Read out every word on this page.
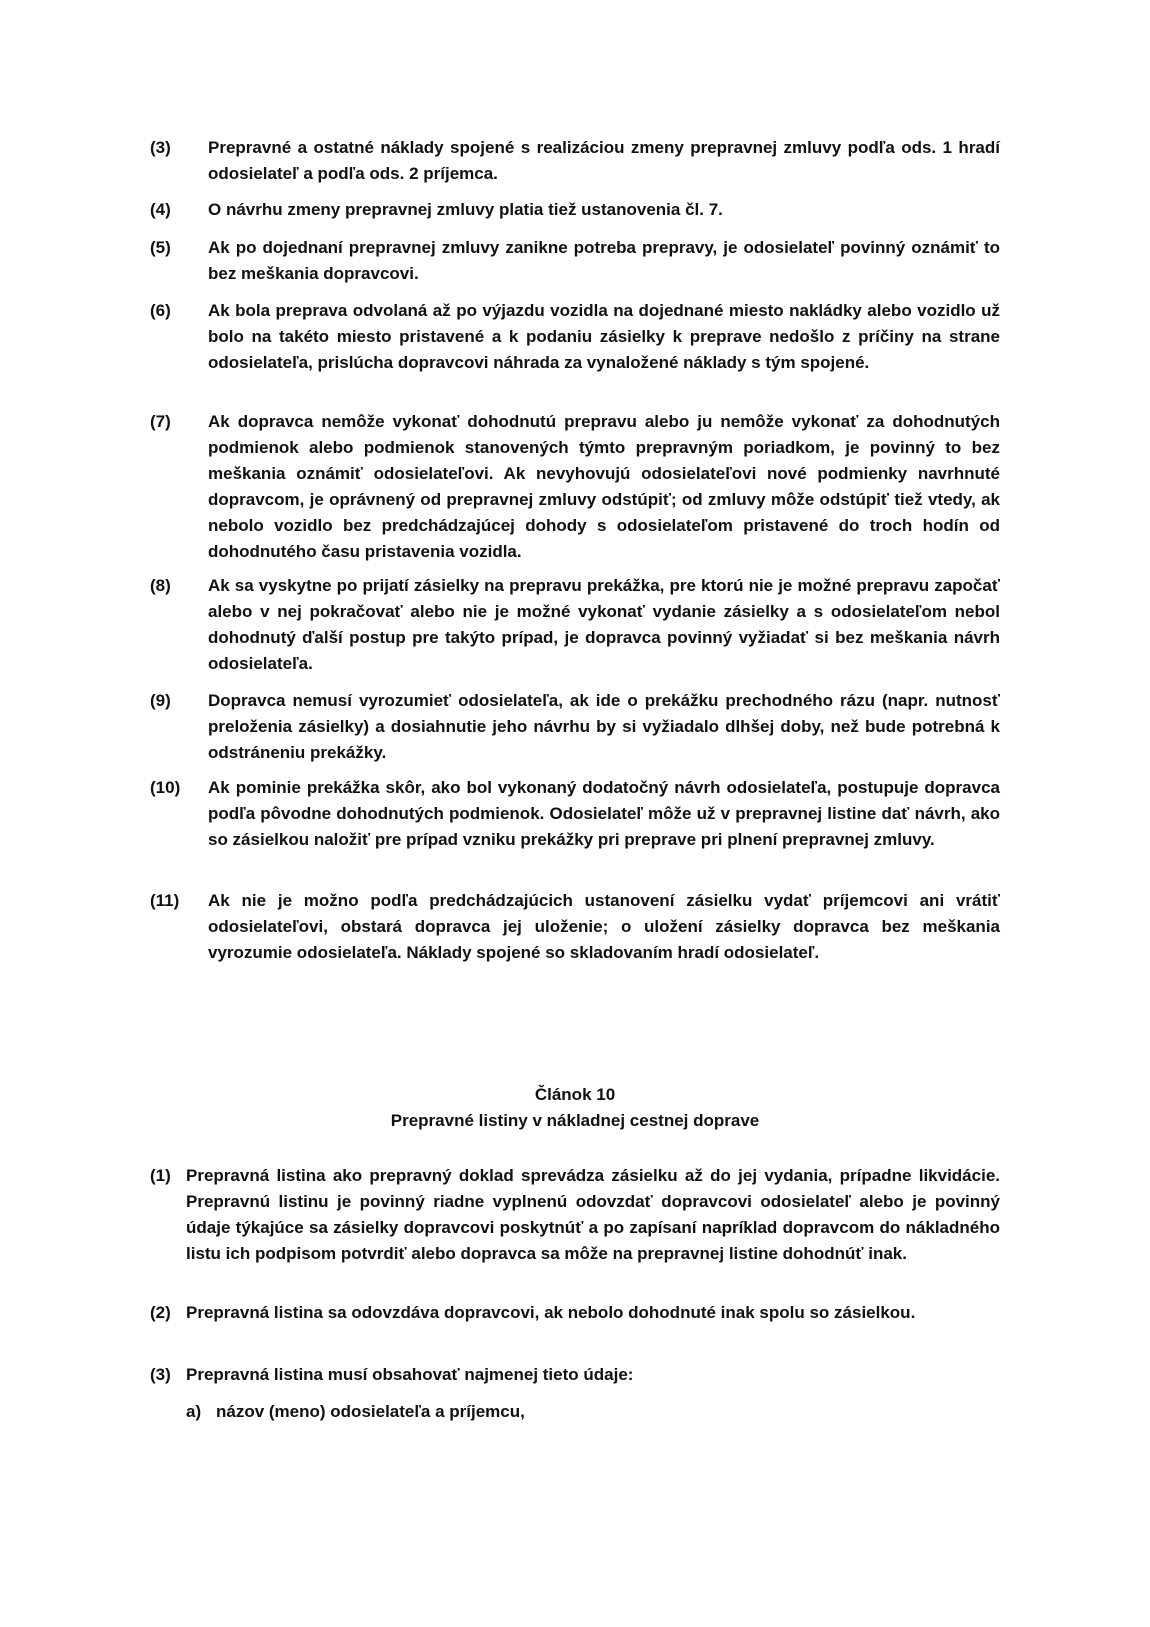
(3)	Prepravné a ostatné náklady spojené s realizáciou zmeny prepravnej zmluvy podľa ods. 1 hradí odosielateľ a podľa ods. 2 príjemca.
(4)	O návrhu zmeny prepravnej zmluvy platia tiež ustanovenia čl. 7.
(5)	Ak po dojednaní prepravnej zmluvy zanikne potreba prepravy, je odosielateľ povinný oznámiť to bez meškania dopravcovi.
(6)	Ak bola preprava odvolaná až po výjazdu vozidla na dojednané miesto nakládky alebo vozidlo už bolo na takéto miesto pristavené a k podaniu zásielky k preprave nedošlo z príčiny na strane odosielateľa, prislúcha dopravcovi náhrada za vynaložené náklady s tým spojené.
(7)	Ak dopravca nemôže vykonať dohodnutú prepravu alebo ju nemôže vykonať za dohodnutých podmienok alebo podmienok stanovených týmto prepravným poriadkom, je povinný to bez meškania oznámiť odosielateľovi. Ak nevyhovujú odosielateľovi nové podmienky navrhnuté dopravcom, je oprávnený od prepravnej zmluvy odstúpiť; od zmluvy môže odstúpiť tiež vtedy, ak nebolo vozidlo bez predchádzajúcej dohody s odosielateľom pristavené do troch hodín od dohodnutého času pristavenia vozidla.
(8)	Ak sa vyskytne po prijatí zásielky na prepravu prekážka, pre ktorú nie je možné prepravu započať alebo v nej pokračovať alebo nie je možné vykonať vydanie zásielky a s odosielateľom nebol dohodnutý ďalší postup pre takýto prípad, je dopravca povinný vyžiadať si bez meškania návrh odosielateľa.
(9)	Dopravca nemusí vyrozumieť odosielateľa, ak ide o prekážku prechodného rázu (napr. nutnosť preloženia zásielky) a dosiahnutie jeho návrhu by si vyžiadalo dlhšej doby, než bude potrebná k odstráneniu prekážky.
(10)	Ak pominie prekážka skôr, ako bol vykonaný dodatočný návrh odosielateľa, postupuje dopravca podľa pôvodne dohodnutých podmienok. Odosielateľ môže už v prepravnej listine dať návrh, ako so zásielkou naložiť pre prípad vzniku prekážky pri preprave pri plnení prepravnej zmluvy.
(11)	Ak nie je možno podľa predchádzajúcich ustanovení zásielku vydať príjemcovi ani vrátiť odosielateľovi, obstará dopravca jej uloženie; o uložení zásielky dopravca bez meškania vyrozumie odosielateľa. Náklady spojené so skladovaním hradí odosielateľ.
Článok 10
Prepravné listiny v nákladnej cestnej doprave
(1) Prepravná listina ako prepravný doklad sprevádza zásielku až do jej vydania, prípadne likvidácie. Prepravnú listinu je povinný riadne vyplnenú odovzdať dopravcovi odosielateľ alebo je povinný údaje týkajúce sa zásielky dopravcovi poskytnúť a po zapísaní napríklad dopravcom do nákladného listu ich podpisom potvrdiť alebo dopravca sa môže na prepravnej listine dohodnúť inak.
(2) Prepravná listina sa odovzdáva dopravcovi, ak nebolo dohodnuté inak spolu so zásielkou.
(3) Prepravná listina musí obsahovať najmenej tieto údaje:
a) názov (meno) odosielateľa a príjemcu,
